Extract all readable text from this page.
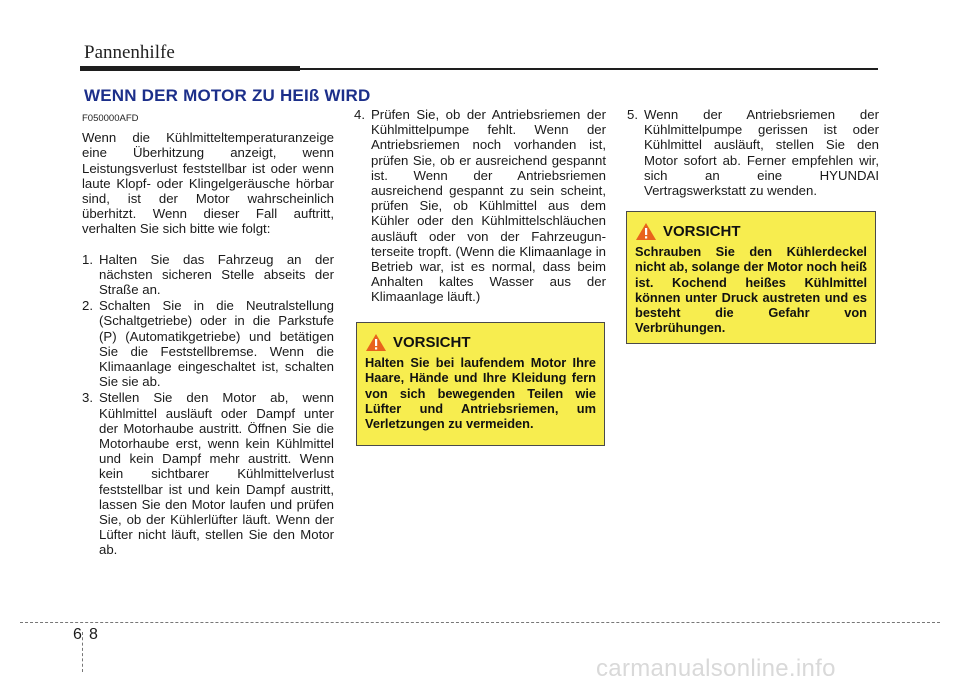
Pannenhilfe
WENN DER MOTOR ZU HEIß WIRD
F050000AFD

Wenn die Kühlmitteltemperaturanzeige eine Überhitzung anzeigt, wenn Leistungsverlust feststellbar ist oder wenn laute Klopf- oder Klingelgeräusche hörbar sind, ist der Motor wahrscheinlich überhitzt. Wenn dieser Fall auftritt, verhalten Sie sich bitte wie folgt:

1. Halten Sie das Fahrzeug an der nächsten sicheren Stelle abseits der Straße an.
2. Schalten Sie in die Neutralstellung (Schaltgetriebe) oder in die Parkstufe (P) (Automatikgetriebe) und betätigen Sie die Feststellbremse. Wenn die Klimaanlage eingeschaltet ist, schalten Sie sie ab.
3. Stellen Sie den Motor ab, wenn Kühlmittel ausläuft oder Dampf unter der Motorhaube austritt. Öffnen Sie die Motorhaube erst, wenn kein Kühlmittel und kein Dampf mehr austritt. Wenn kein sichtbarer Kühlmittelverlust feststellbar ist und kein Dampf austritt, lassen Sie den Motor laufen und prüfen Sie, ob der Kühlerlüfter läuft. Wenn der Lüfter nicht läuft, stellen Sie den Motor ab.
4. Prüfen Sie, ob der Antriebsriemen der Kühlmittelpumpe fehlt. Wenn der Antriebsriemen noch vorhanden ist, prüfen Sie, ob er ausreichend gespannt ist. Wenn der Antriebsriemen ausreichend gespannt zu sein scheint, prüfen Sie, ob Kühlmittel aus dem Kühler oder den Kühlmittelschläuchen ausläuft oder von der Fahrzeugun-terseite tropft. (Wenn die Klimaanlage in Betrieb war, ist es normal, dass beim Anhalten kaltes Wasser aus der Klimaanlage läuft.)
VORSICHT
Halten Sie bei laufendem Motor Ihre Haare, Hände und Ihre Kleidung fern von sich bewegenden Teilen wie Lüfter und Antriebsriemen, um Verletzungen zu vermeiden.
5. Wenn der Antriebsriemen der Kühlmittelpumpe gerissen ist oder Kühlmittel ausläuft, stellen Sie den Motor sofort ab. Ferner empfehlen wir, sich an eine HYUNDAI Vertragswerkstatt zu wenden.
VORSICHT
Schrauben Sie den Kühlerdeckel nicht ab, solange der Motor noch heiß ist. Kochend heißes Kühlmittel können unter Druck austreten und es besteht die Gefahr von Verbrühungen.
6 8
carmanualsonline.info
